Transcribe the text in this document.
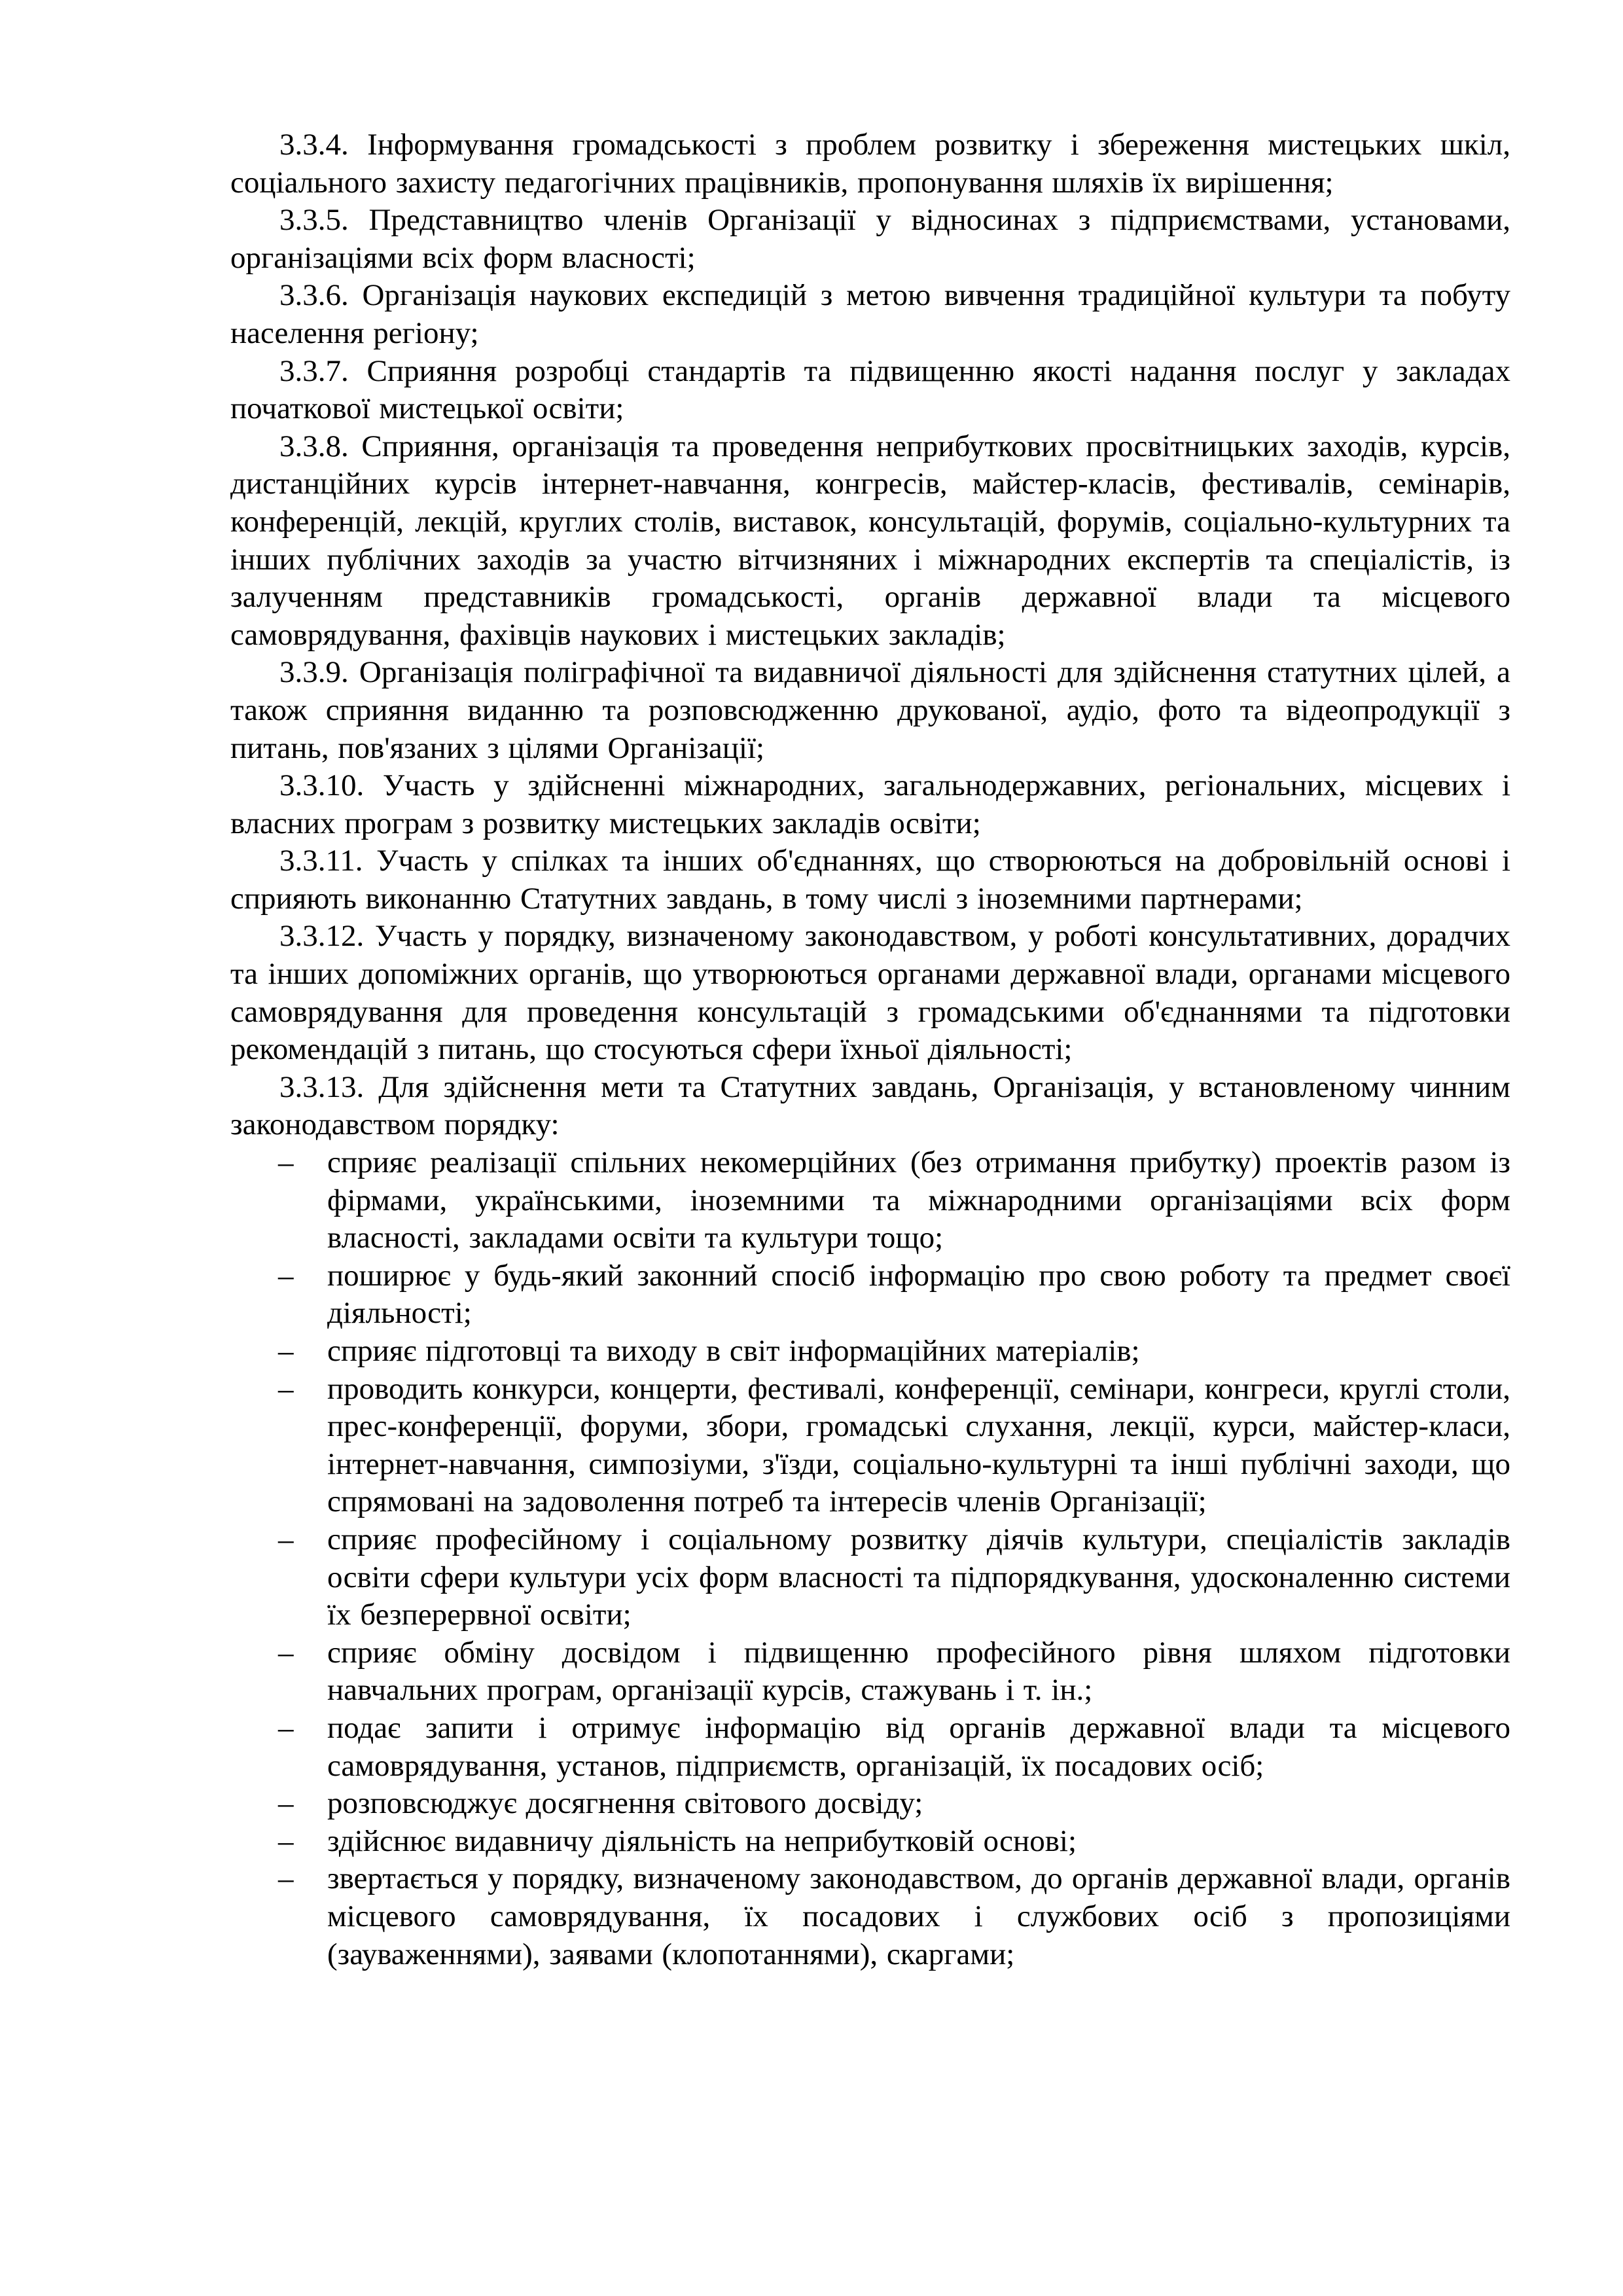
3.3.4. Інформування громадськості з проблем розвитку і збереження мистецьких шкіл, соціального захисту педагогічних працівників, пропонування шляхів їх вирішення;

3.3.5. Представництво членів Організації у відносинах з підприємствами, установами, організаціями всіх форм власності;

3.3.6. Організація наукових експедицій з метою вивчення традиційної культури та побуту населення регіону;

3.3.7. Сприяння розробці стандартів та підвищенню якості надання послуг у закладах початкової мистецької освіти;

3.3.8. Сприяння, організація та проведення неприбуткових просвітницьких заходів, курсів, дистанційних курсів інтернет-навчання, конгресів, майстер-класів, фестивалів, семінарів, конференцій, лекцій, круглих столів, виставок, консультацій, форумів, соціально-культурних та інших публічних заходів за участю вітчизняних і міжнародних експертів та спеціалістів, із залученням представників громадськості, органів державної влади та місцевого самоврядування, фахівців наукових і мистецьких закладів;

3.3.9. Організація поліграфічної та видавничої діяльності для здійснення статутних цілей, а також сприяння виданню та розповсюдженню друкованої, аудіо, фото та відеопродукції з питань, пов'язаних з цілями Організації;

3.3.10. Участь у здійсненні міжнародних, загальнодержавних, регіональних, місцевих і власних програм з розвитку мистецьких закладів освіти;

3.3.11. Участь у спілках та інших об'єднаннях, що створюються на добровільній основі і сприяють виконанню Статутних завдань, в тому числі з іноземними партнерами;

3.3.12. Участь у порядку, визначеному законодавством, у роботі консультативних, дорадчих та інших допоміжних органів, що утворюються органами державної влади, органами місцевого самоврядування для проведення консультацій з громадськими об'єднаннями та підготовки рекомендацій з питань, що стосуються сфери їхньої діяльності;

3.3.13. Для здійснення мети та Статутних завдань, Організація, у встановленому чинним законодавством порядку:

– сприяє реалізації спільних некомерційних (без отримання прибутку) проектів разом із фірмами, українськими, іноземними та міжнародними організаціями всіх форм власності, закладами освіти та культури тощо;
– поширює у будь-який законний спосіб інформацію про свою роботу та предмет своєї діяльності;
– сприяє підготовці та виходу в світ інформаційних матеріалів;
– проводить конкурси, концерти, фестивалі, конференції, семінари, конгреси, круглі столи, прес-конференції, форуми, збори, громадські слухання, лекції, курси, майстер-класи, інтернет-навчання, симпозіуми, з'їзди, соціально-культурні та інші публічні заходи, що спрямовані на задоволення потреб та інтересів членів Організації;
– сприяє професійному і соціальному розвитку діячів культури, спеціалістів закладів освіти сфери культури усіх форм власності та підпорядкування, удосконаленню системи їх безперервної освіти;
– сприяє обміну досвідом і підвищенню професійного рівня шляхом підготовки навчальних програм, організації курсів, стажувань і т. ін.;
– подає запити і отримує інформацію від органів державної влади та місцевого самоврядування, установ, підприємств, організацій, їх посадових осіб;
– розповсюджує досягнення світового досвіду;
– здійснює видавничу діяльність на неприбутковій основі;
– звертається у порядку, визначеному законодавством, до органів державної влади, органів місцевого самоврядування, їх посадових і службових осіб з пропозиціями (зауваженнями), заявами (клопотаннями), скаргами;
